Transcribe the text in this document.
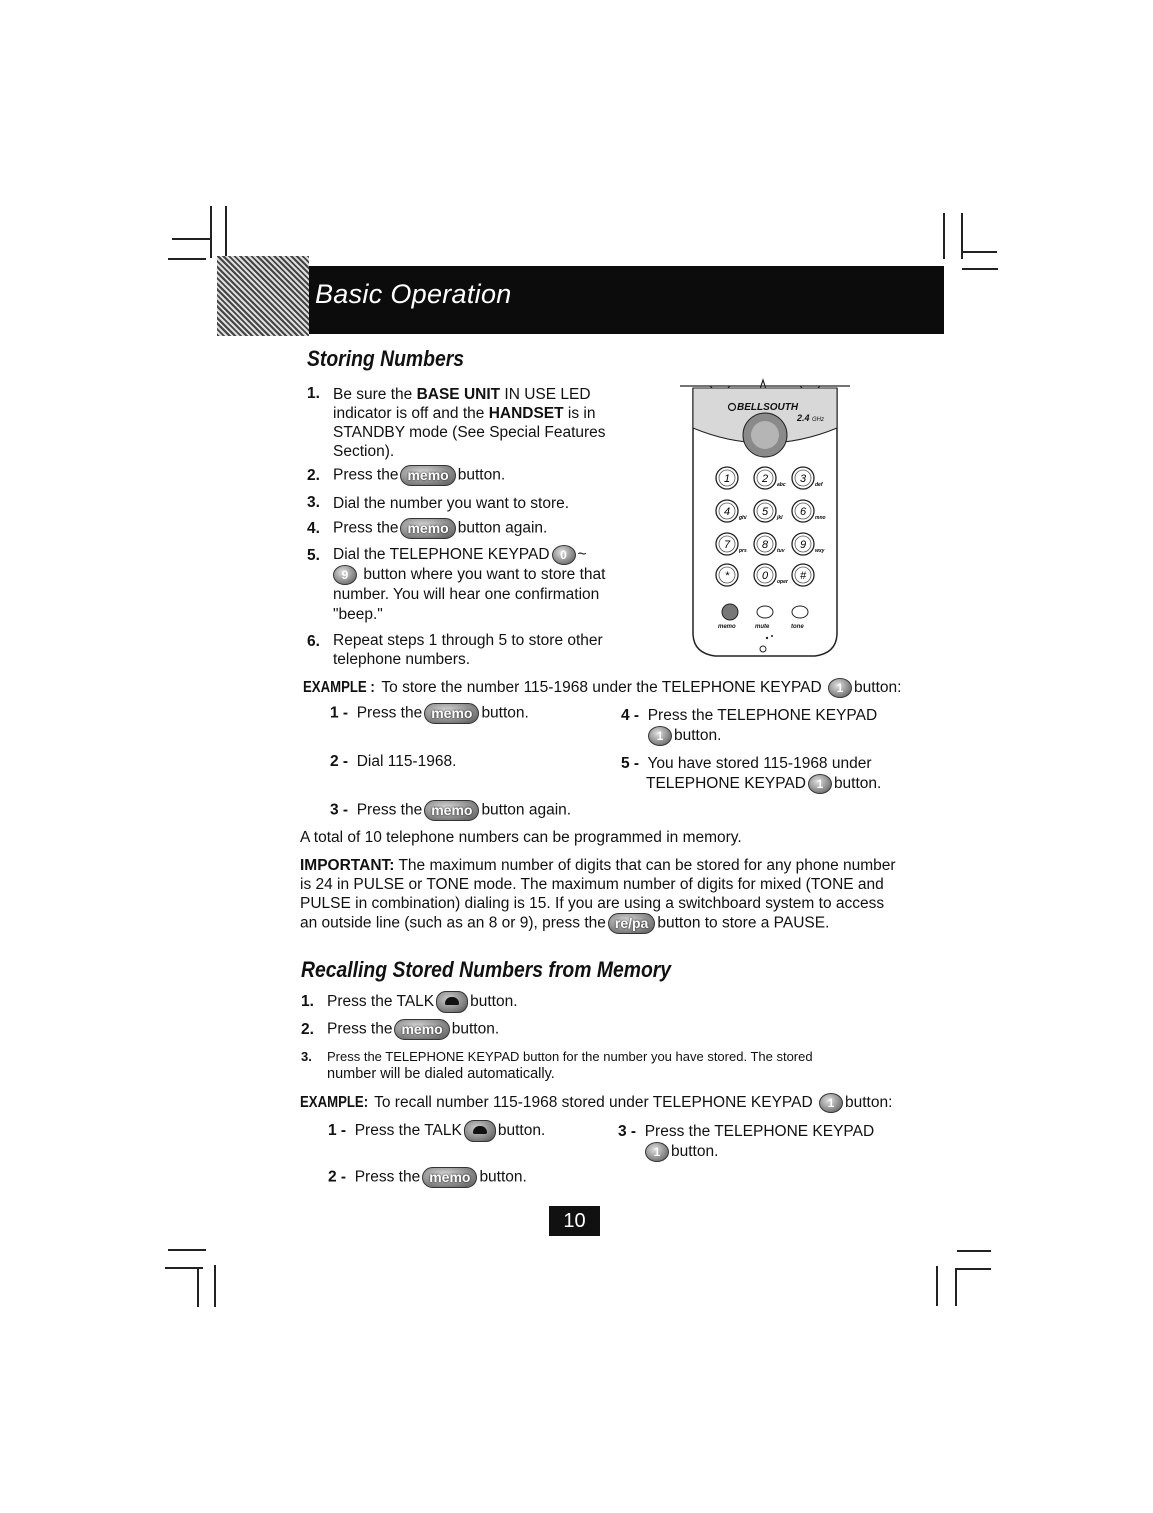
Basic Operation
Storing Numbers
1. Be sure the BASE UNIT IN USE LED
indicator is off and the HANDSET is in
STANDBY mode (See Special Features
Section).
2. Press the memo button.
3. Dial the number you want to store.
4. Press the memo button again.
5. Dial the TELEPHONE KEYPAD 0 ~
9 button where you want to store that
number. You will hear one confirmation
"beep."
6. Repeat steps 1 through 5 to store other
telephone numbers.
BELLSOUTH
2.4 GHz
1	2 abc 3 def
4 ghi 5 jkl 6 mno
7 prs 8 tuv 9 wxy
*	0 oper #
memo	mute	tone
EXAMPLE : To store the number 115-1968 under the TELEPHONE KEYPAD 1 button:
1 - Press the memo button.
2 - Dial 115-1968.
3 - Press the memo button again.
4 - Press the TELEPHONE KEYPAD
1 button.
5 - You have stored 115-1968 under
TELEPHONE KEYPAD 1 button.
A total of 10 telephone numbers can be programmed in memory.
IMPORTANT: The maximum number of digits that can be stored for any phone number
is 24 in PULSE or TONE mode. The maximum number of digits for mixed (TONE and
PULSE in combination) dialing is 15. If you are using a switchboard system to access
an outside line (such as an 8 or 9), press the re/pa button to store a PAUSE.
Recalling Stored Numbers from Memory
1. Press the TALK button.
2. Press the memo button.
3. Press the TELEPHONE KEYPAD button for the number you have stored. The stored
number will be dialed automatically.
EXAMPLE: To recall number 115-1968 stored under TELEPHONE KEYPAD 1 button:
1 - Press the TALK button.
2 - Press the memo button.
3 - Press the TELEPHONE KEYPAD
1 button.
10
